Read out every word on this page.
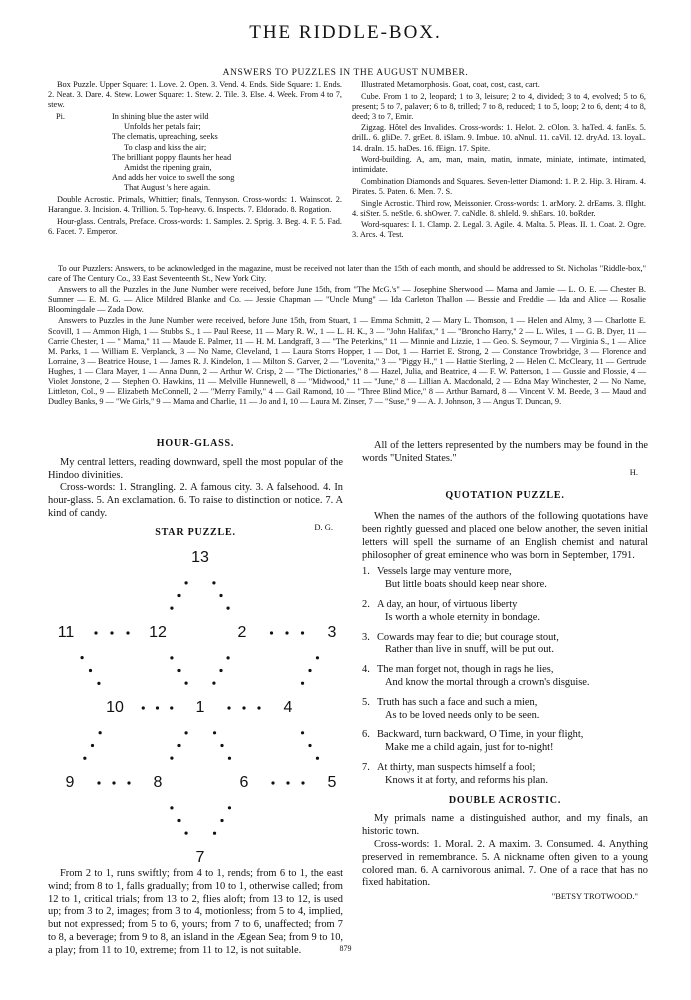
THE RIDDLE-BOX.
ANSWERS TO PUZZLES IN THE AUGUST NUMBER.

Box Puzzle. Upper Square: 1. Love. 2. Open. 3. Vend. 4. Ends. Side Square: 1. Ends. 2. Neat. 3. Dare. 4. Stew. Lower Square: 1. Stew. 2. Tile. 3. Else. 4. Week. From 4 to 7, stew.

Pi.	In shining blue the aster wild
Unfolds her petals fair;
The clematis, upreaching, seeks
To clasp and kiss the air;
The brilliant poppy flaunts her head
Amidst the ripening grain,
And adds her voice to swell the song
That August 's here again.

Double Acrostic. Primals, Whittier; finals, Tennyson. Cross-words: 1. Wainscot. 2. Harangue. 3. Incision. 4. Trillion. 5. Top-heavy. 6. Inspects. 7. Eldorado. 8. Rogation.

Hour-glass. Centrals, Preface. Cross-words: 1. Samples. 2. Sprig. 3. Beg. 4. F. 5. Fad. 6. Facet. 7. Emperor.

Illustrated Metamorphosis. Goat, coat, cost, cast, cart.

Cube. From 1 to 2, leopard; 1 to 3, leisure; 2 to 4, divided; 3 to 4, evolved; 5 to 6, present; 5 to 7, palaver; 6 to 8, trilled; 7 to 8, reduced; 1 to 5, loop; 2 to 6, dent; 4 to 8, deed; 3 to 7, Emir.

Zigzag. Hôtel des Invalides. Cross-words: 1. Helot. 2. cOlon. 3. haTed. 4. fanEs. 5. drilL. 6. gliDe. 7. grEet. 8. iSlam. 9. Imbue. 10. aNnul. 11. caVil. 12. dryAd. 13. loyaL. 14. draIn. 15. haDes. 16. fEign. 17. Spite.

Word-building. A, am, man, main, matin, inmate, miniate, intimate, intimated, intimidate.

Combination Diamonds and Squares. Seven-letter Diamond: 1. P. 2. Hip. 3. Hiram. 4. Pirates. 5. Paten. 6. Men. 7. S.

Single Acrostic. Third row, Meissonier. Cross-words: 1. arMory. 2. drEams. 3. flIght. 4. siSter. 5. neStle. 6. shOwer. 7. caNdle. 8. shIeld. 9. shEars. 10. boRder.

Word-squares: I. 1. Clamp. 2. Legal. 3. Agile. 4. Malta. 5. Pleas. II. 1. Coat. 2. Ogre. 3. Arcs. 4. Test.

To our Puzzlers: Answers, to be acknowledged in the magazine, must be received not later than the 15th of each month, and should be addressed to St. Nicholas "Riddle-box," care of The Century Co., 33 East Seventeenth St., New York City.

Answers to all the Puzzles in the June Number were received, before June 15th, from "The McG.'s" — Josephine Sherwood — Mama and Jamie — L. O. E. — Chester B. Sumner — E. M. G. — Alice Mildred Blanke and Co. — Jessie Chapman — "Uncle Mung" — Ida Carleton Thallon — Bessie and Freddie — Ida and Alice — Rosalie Bloomingdale — Zada Dow.

Answers to Puzzles in the June Number were received, before June 15th, from Stuart, 1 — Emma Schmitt, 2 — Mary L. Thomson, 1 — Helen and Almy, 3 — Charlotte E. Scovill, 1 — Ammon High, 1 — Stubbs S., 1 — Paul Reese, 11 — Mary R. W., 1 — L. H. K., 3 — "John Halifax," 1 — "Broncho Harry," 2 — L. Wiles, 1 — G. B. Dyer, 11 — Carrie Chester, 1 — " Mama," 11 — Maude E. Palmer, 11 — H. M. Landgraff, 3 — "The Peterkins," 11 — Minnie and Lizzie, 1 — Geo. S. Seymour, 7 — Virginia S., 1 — Alice M. Parks, 1 — William E. Verplanck, 3 — No Name, Cleveland, 1 — Laura Storrs Hopper, 1 — Dot, 1 — Harriet E. Strong, 2 — Constance Trowbridge, 3 — Florence and Lorraine, 3 — Beatrice House, 1 — James R. J. Kindelon, 1 — Milton S. Garver, 2 — "Lovenita," 3 — "Piggy H.," 1 — Hattie Sterling, 2 — Helen C. McCleary, 11 — Gertrude Hughes, 1 — Clara Mayer, 1 — Anna Dunn, 2 — Arthur W. Crisp, 2 — "The Dictionaries," 8 — Hazel, Julia, and Beatrice, 4 — F. W. Patterson, 1 — Gussie and Flossie, 4 — Violet Jonstone, 2 — Stephen O. Hawkins, 11 — Melville Hunnewell, 8 — "Midwood," 11 — "June," 8 — Lillian A. Macdonald, 2 — Edna May Winchester, 2 — No Name, Littleton, Col., 9 — Elizabeth McConnell, 2 — "Merry Family," 4 — Gail Ramond, 10 — "Three Blind Mice," 8 — Arthur Barnard, 8 — Vincent V. M. Beede, 3 — Maud and Dudley Banks, 9 — "We Girls," 9 — Mama and Charlie, 11 — Jo and I, 10 — Laura M. Zinser, 7 — "Suse," 9 — A. J. Johnson, 3 — Angus T. Duncan, 9.

HOUR-GLASS.

My central letters, reading downward, spell the most popular of the Hindoo divinities.

Cross-words: 1. Strangling. 2. A famous city. 3. A falsehood. 4. In hour-glass. 5. An exclamation. 6. To raise to distinction or notice. 7. A kind of candy.

D. G.
STAR PUZZLE.
13
12	2
11	3
10	1	4
9	8	6	5
7

From 2 to 1, runs swiftly; from 4 to 1, rends; from 6 to 1, the east wind; from 8 to 1, falls gradually; from 10 to 1, otherwise called; from 12 to 1, critical trials; from 13 to 2, flies aloft; from 13 to 12, is used up; from 3 to 2, images; from 3 to 4, motionless; from 5 to 4, implied, but not expressed; from 5 to 6, yours; from 7 to 6, unaffected; from 7 to 8, a beverage; from 9 to 8, an island in the Ægean Sea; from 9 to 10, a play; from 11 to 10, extreme; from 11 to 12, is not suitable.

All of the letters represented by the numbers may be found in the words "United States."

H.
QUOTATION PUZZLE.

When the names of the authors of the following quotations have been rightly guessed and placed one below another, the seven initial letters will spell the surname of an English chemist and natural philosopher of great eminence who was born in September, 1791.

1. Vessels large may venture more,
But little boats should keep near shore.
2. A day, an hour, of virtuous liberty
Is worth a whole eternity in bondage.
3. Cowards may fear to die; but courage stout,
Rather than live in snuff, will be put out.
4. The man forget not, though in rags he lies,
And know the mortal through a crown's disguise.
5. Truth has such a face and such a mien,
As to be loved needs only to be seen.
6. Backward, turn backward, O Time, in your flight,
Make me a child again, just for to-night!
7. At thirty, man suspects himself a fool;
Knows it at forty, and reforms his plan.
DOUBLE ACROSTIC.

My primals name a distinguished author, and my finals, an historic town.

Cross-words: 1. Moral. 2. A maxim. 3. Consumed. 4. Anything preserved in remembrance. 5. A nickname often given to a young colored man. 6. A carnivorous animal. 7. One of a race that has no fixed habitation.

"BETSY TROTWOOD."
879
